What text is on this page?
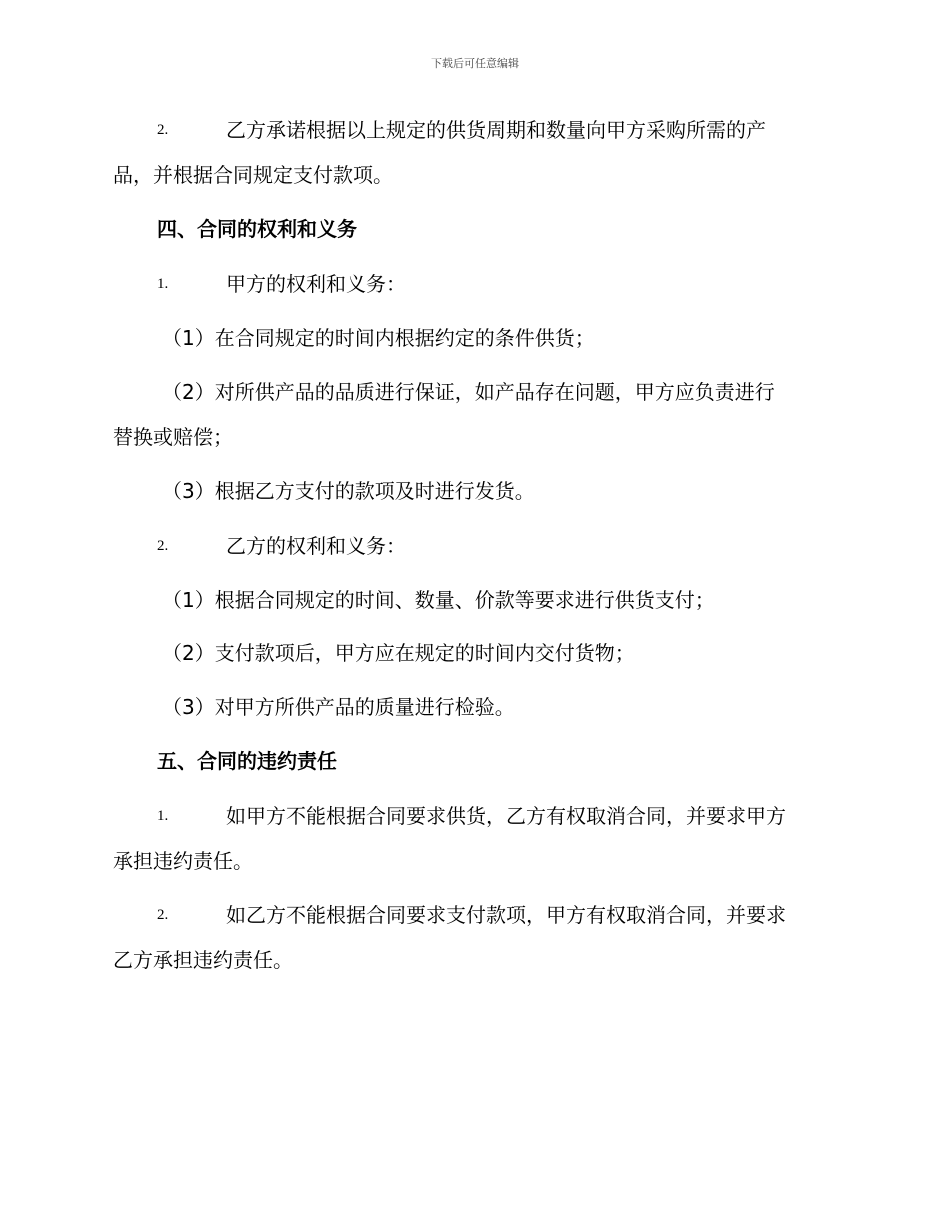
下载后可任意编辑
2.	乙方承诺根据以上规定的供货周期和数量向甲方采购所需的产
品，并根据合同规定支付款项。
四、合同的权利和义务
1.	甲方的权利和义务：
（1）在合同规定的时间内根据约定的条件供货；
（2）对所供产品的品质进行保证，如产品存在问题，甲方应负责进行
替换或赔偿；
（3）根据乙方支付的款项及时进行发货。
2.	乙方的权利和义务：
（1）根据合同规定的时间、数量、价款等要求进行供货支付；
（2）支付款项后，甲方应在规定的时间内交付货物；
（3）对甲方所供产品的质量进行检验。
五、合同的违约责任
1.	如甲方不能根据合同要求供货，乙方有权取消合同，并要求甲方
承担违约责任。
2.	如乙方不能根据合同要求支付款项，甲方有权取消合同，并要求
乙方承担违约责任。
